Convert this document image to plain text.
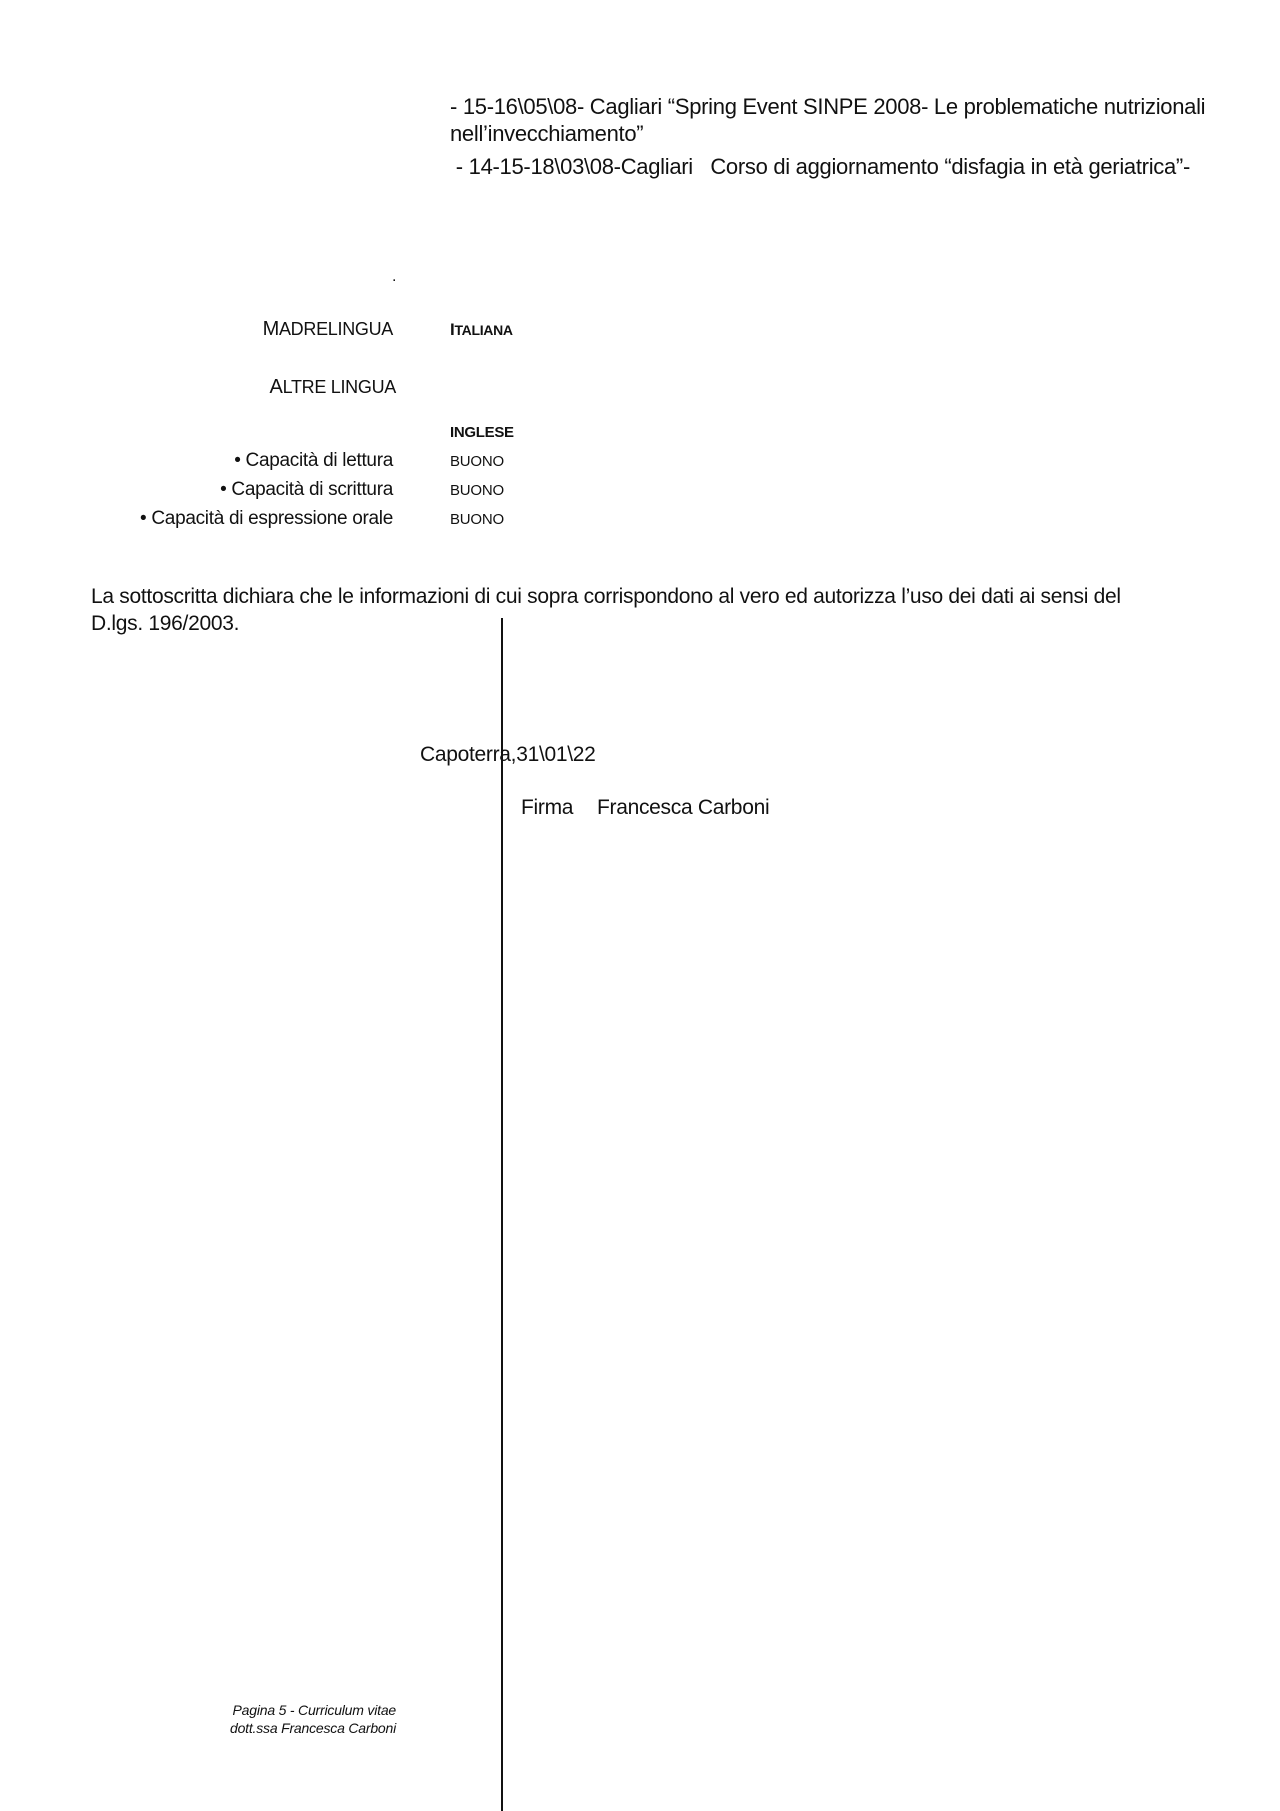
- 15-16\05\08- Cagliari “Spring Event SINPE 2008- Le problematiche nutrizionali
nell’invecchiamento”
- 14-15-18\03\08-Cagliari   Corso di aggiornamento “disfagia in età geriatrica”-
.
MADRELINGUA	ITALIANA
ALTRE LINGUA
INGLESE
• Capacità di lettura	BUONO
• Capacità di scrittura	BUONO
• Capacità di espressione orale	BUONO
La sottoscritta dichiara che le informazioni di cui sopra corrispondono al vero ed autorizza l’uso dei dati ai sensi del
D.lgs. 196/2003.
Capoterra,31\01\22
Firma Francesca Carboni
Pagina 5 - Curriculum vitae
dott.ssa Francesca Carboni
